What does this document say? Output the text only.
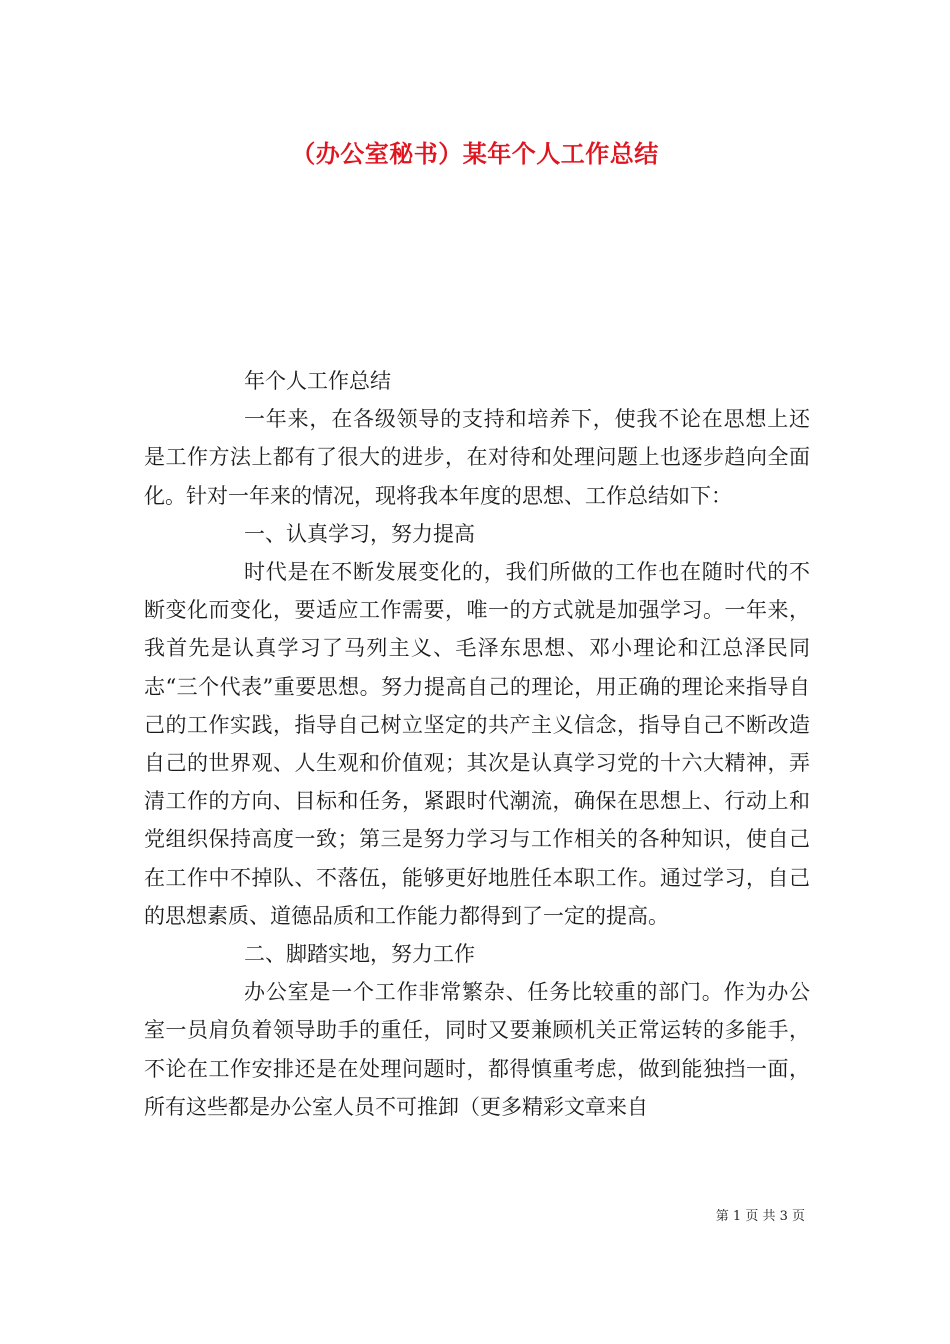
（办公室秘书）某年个人工作总结

年个人工作总结

一年来，在各级领导的支持和培养下，使我不论在思想上还是工作方法上都有了很大的进步，在对待和处理问题上也逐步趋向全面化。针对一年来的情况，现将我本年度的思想、工作总结如下：

一、认真学习，努力提高

时代是在不断发展变化的，我们所做的工作也在随时代的不断变化而变化，要适应工作需要，唯一的方式就是加强学习。一年来，我首先是认真学习了马列主义、毛泽东思想、邓小理论和江总泽民同志“三个代表”重要思想。努力提高自己的理论，用正确的理论来指导自己的工作实践，指导自己树立坚定的共产主义信念，指导自己不断改造自己的世界观、人生观和价值观；其次是认真学习党的十六大精神，弄清工作的方向、目标和任务，紧跟时代潮流，确保在思想上、行动上和党组织保持高度一致；第三是努力学习与工作相关的各种知识，使自己在工作中不掉队、不落伍，能够更好地胜任本职工作。通过学习，自己的思想素质、道德品质和工作能力都得到了一定的提高。

二、脚踏实地，努力工作

办公室是一个工作非常繁杂、任务比较重的部门。作为办公室一员肩负着领导助手的重任，同时又要兼顾机关正常运转的多能手，不论在工作安排还是在处理问题时，都得慎重考虑，做到能独挡一面，所有这些都是办公室人员不可推卸（更多精彩文章来自

第 1 页 共 3 页
